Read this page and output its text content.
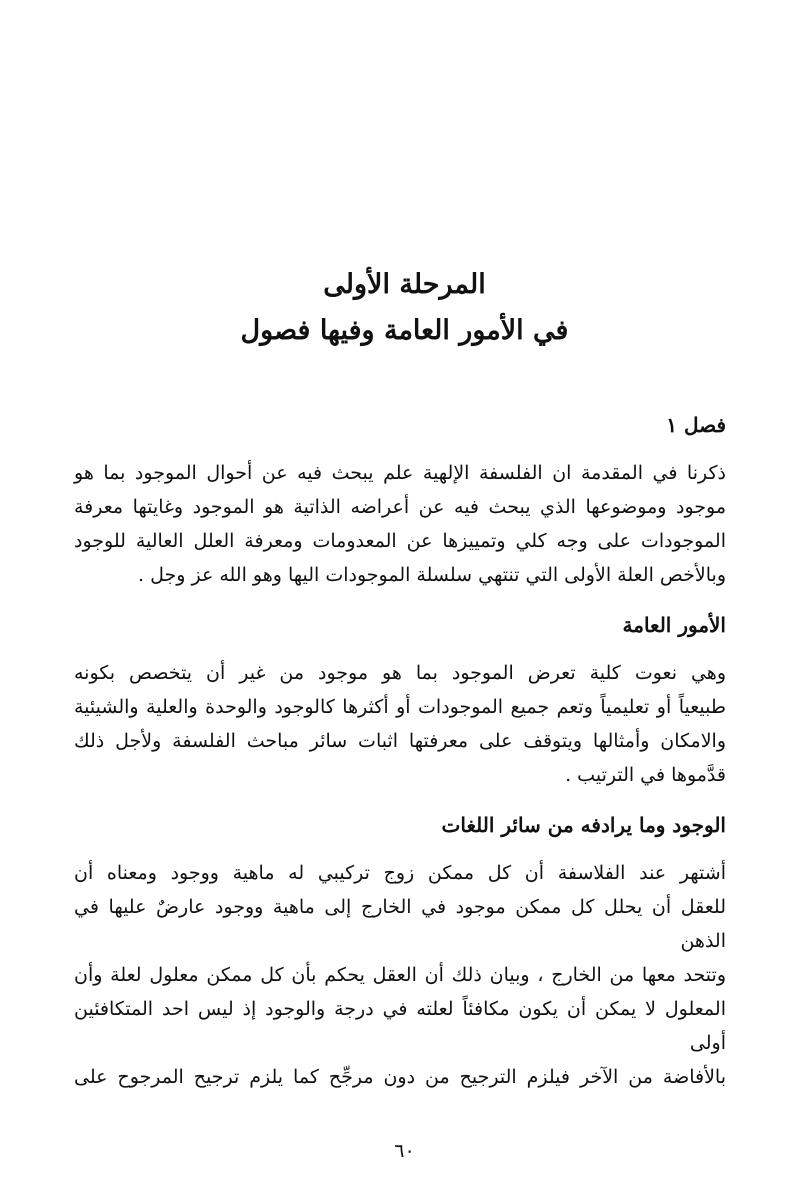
المرحلة الأولى

في الأمور العامة وفيها فصول

فصل ١

ذكرنا في المقدمة ان الفلسفة الإلهية علم يبحث فيه عن أحوال الموجود بما هو
موجود وموضوعها الذي يبحث فيه عن أعراضه الذاتية هو الموجود وغايتها معرفة
الموجودات على وجه كلي وتمييزها عن المعدومات ومعرفة العلل العالية للوجود
وبالأخص العلة الأولى التي تنتهي سلسلة الموجودات اليها وهو الله عز وجل .

الأمور العامة

وهي نعوت كلية تعرض الموجود بما هو موجود من غير أن يتخصص بكونه
طبيعياً أو تعليمياً وتعم جميع الموجودات أو أكثرها كالوجود والوحدة والعلية والشيئية
والامكان وأمثالها ويتوقف على معرفتها اثبات سائر مباحث الفلسفة ولأجل ذلك
قدَّموها في الترتيب .

الوجود وما يرادفه من سائر اللغات

أشتهر عند الفلاسفة أن كل ممكن زوج تركيبي له ماهية ووجود ومعناه أن
للعقل أن يحلل كل ممكن موجود في الخارج إلى ماهية ووجود عارضٌ عليها في الذهن
وتتحد معها من الخارج ، وبيان ذلك أن العقل يحكم بأن كل ممكن معلول لعلة وأن
المعلول لا يمكن أن يكون مكافئاً لعلته في درجة والوجود إذ ليس احد المتكافئين أولى
بالأفاضة من الآخر فيلزم الترجيح من دون مرجِّح كما يلزم ترجيح المرجوح على

٦٠
